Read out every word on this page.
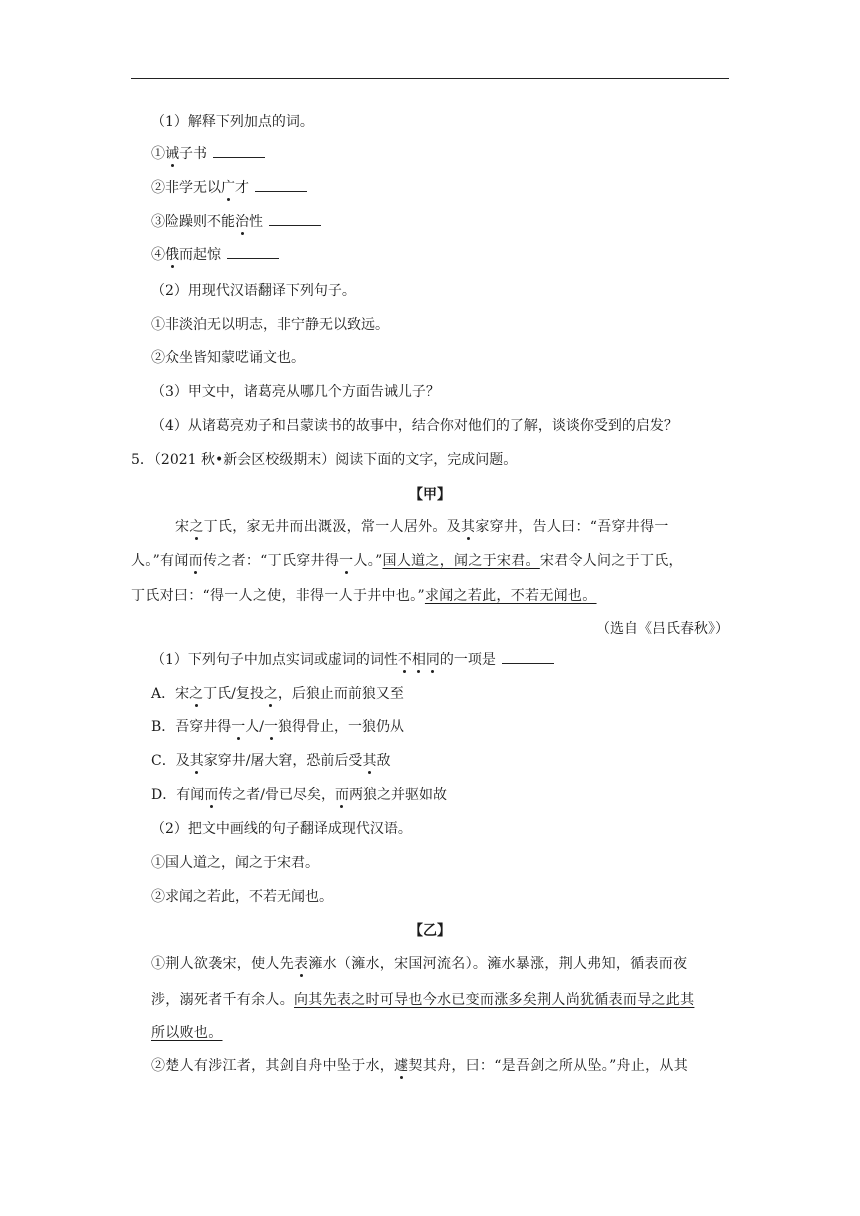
（1）解释下列加点的词。
①诫子书
②非学无以广才
③险躁则不能治性
④俄而起惊
（2）用现代汉语翻译下列句子。
①非淡泊无以明志，非宁静无以致远。
②众坐皆知蒙呓诵文也。
（3）甲文中，诸葛亮从哪几个方面告诫儿子？
（4）从诸葛亮劝子和吕蒙读书的故事中，结合你对他们的了解，谈谈你受到的启发？
5．（2021 秋•新会区校级期末）阅读下面的文字，完成问题。
【甲】
宋之丁氏，家无井而出溉汲，常一人居外。及其家穿井，告人曰：“吾穿井得一
人。”有闻而传之者：“丁氏穿井得一人。”国人道之，闻之于宋君。宋君令人问之于丁氏，
丁氏对曰：“得一人之使，非得一人于井中也。”求闻之若此，不若无闻也。
（选自《吕氏春秋》）
（1）下列句子中加点实词或虚词的词性不相同的一项是
A．宋之丁氏/复投之，后狼止而前狼又至
B．吾穿井得一人/一狼得骨止，一狼仍从
C．及其家穿井/屠大窘，恐前后受其敌
D．有闻而传之者/骨已尽矣，而两狼之并驱如故
（2）把文中画线的句子翻译成现代汉语。
①国人道之，闻之于宋君。
②求闻之若此，不若无闻也。
【乙】
①荆人欲袭宋，使人先表澭水（澭水，宋国河流名）。澭水暴涨，荆人弗知，循表而夜
涉，溺死者千有余人。向其先表之时可导也今水已变而涨多矣荆人尚犹循表而导之此其
所以败也。
②楚人有涉江者，其剑自舟中坠于水，遽契其舟，曰：“是吾剑之所从坠。”舟止，从其
